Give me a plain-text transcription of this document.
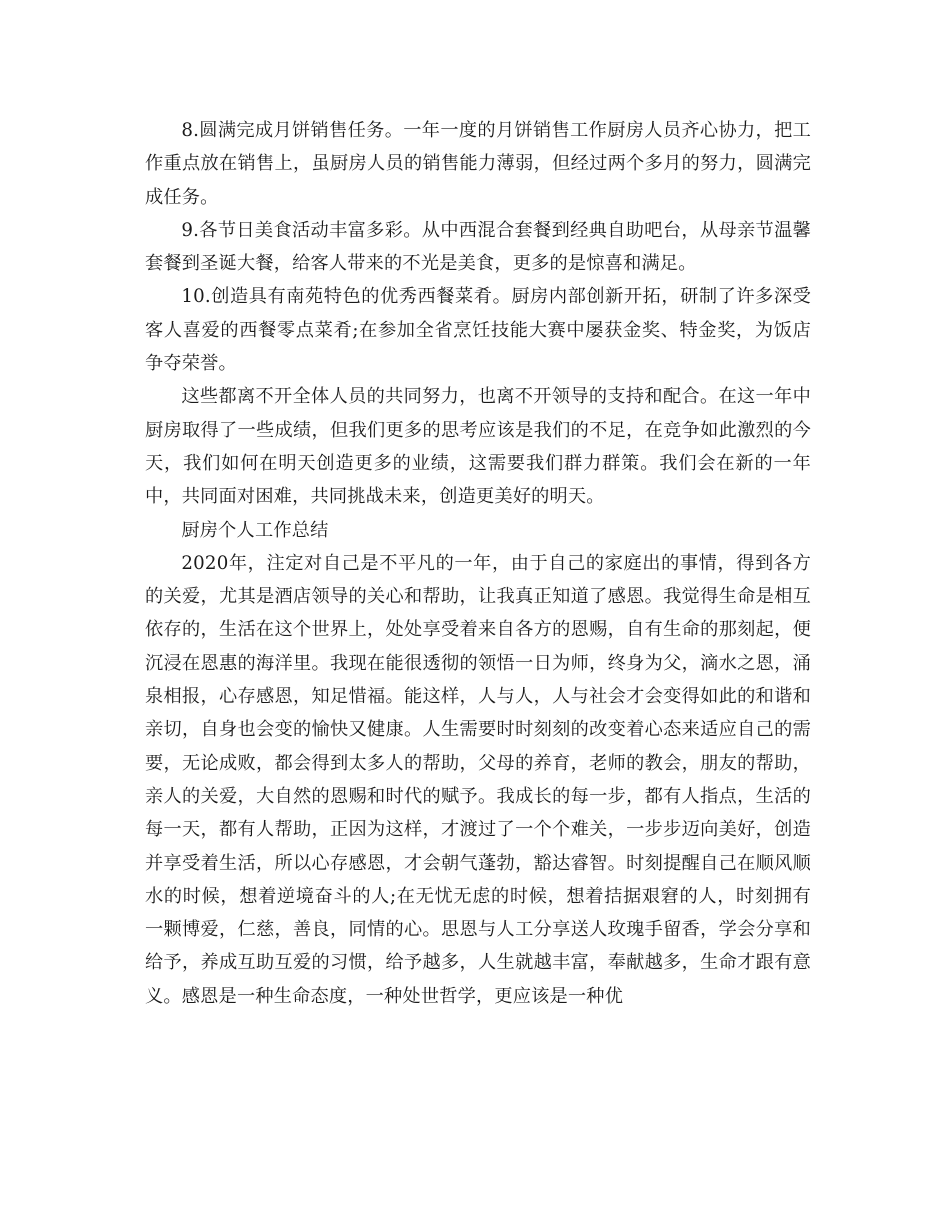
8.圆满完成月饼销售任务。一年一度的月饼销售工作厨房人员齐心协力，把工作重点放在销售上，虽厨房人员的销售能力薄弱，但经过两个多月的努力，圆满完成任务。

9.各节日美食活动丰富多彩。从中西混合套餐到经典自助吧台，从母亲节温馨套餐到圣诞大餐，给客人带来的不光是美食，更多的是惊喜和满足。

10.创造具有南苑特色的优秀西餐菜肴。厨房内部创新开拓，研制了许多深受客人喜爱的西餐零点菜肴;在参加全省烹饪技能大赛中屡获金奖、特金奖，为饭店争夺荣誉。

这些都离不开全体人员的共同努力，也离不开领导的支持和配合。在这一年中厨房取得了一些成绩，但我们更多的思考应该是我们的不足，在竞争如此激烈的今天，我们如何在明天创造更多的业绩，这需要我们群力群策。我们会在新的一年中，共同面对困难，共同挑战未来，创造更美好的明天。

厨房个人工作总结

2020年，注定对自己是不平凡的一年，由于自己的家庭出的事情，得到各方的关爱，尤其是酒店领导的关心和帮助，让我真正知道了感恩。我觉得生命是相互依存的，生活在这个世界上，处处享受着来自各方的恩赐，自有生命的那刻起，便沉浸在恩惠的海洋里。我现在能很透彻的领悟一日为师，终身为父，滴水之恩，涌泉相报，心存感恩，知足惜福。能这样，人与人，人与社会才会变得如此的和谐和亲切，自身也会变的愉快又健康。人生需要时时刻刻的改变着心态来适应自己的需要，无论成败，都会得到太多人的帮助，父母的养育，老师的教会，朋友的帮助，亲人的关爱，大自然的恩赐和时代的赋予。我成长的每一步，都有人指点，生活的每一天，都有人帮助，正因为这样，才渡过了一个个难关，一步步迈向美好，创造并享受着生活，所以心存感恩，才会朝气蓬勃，豁达睿智。时刻提醒自己在顺风顺水的时候，想着逆境奋斗的人;在无忧无虑的时候，想着拮据艰窘的人，时刻拥有一颗博爱，仁慈，善良，同情的心。思恩与人工分享送人玫瑰手留香，学会分享和给予，养成互助互爱的习惯，给予越多，人生就越丰富，奉献越多，生命才跟有意义。感恩是一种生命态度，一种处世哲学，更应该是一种优
